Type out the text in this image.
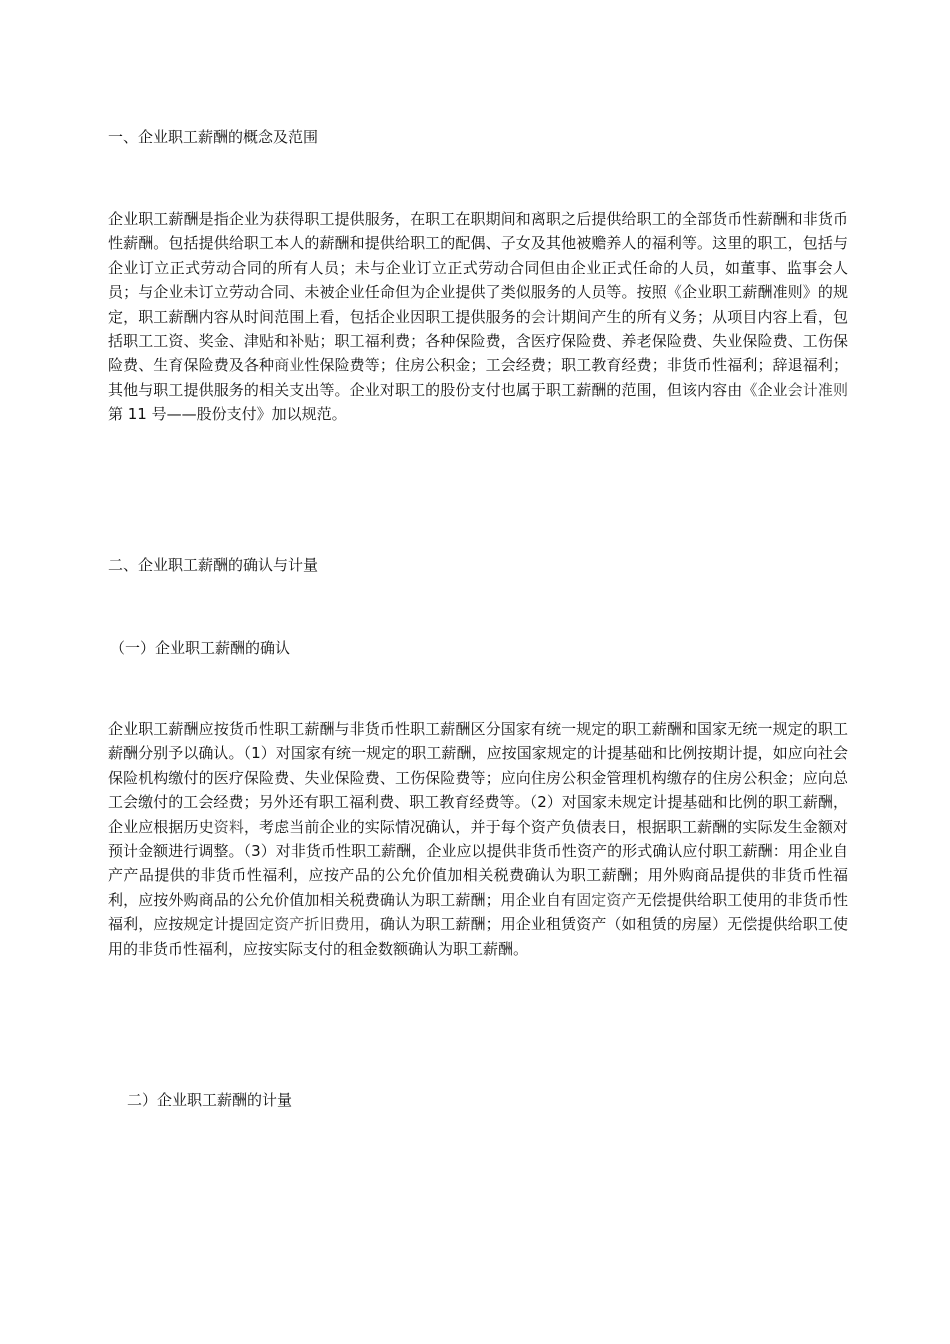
一、企业职工薪酬的概念及范围

企业职工薪酬是指企业为获得职工提供服务，在职工在职期间和离职之后提供给职工的全部货币性薪酬和非货币性薪酬。包括提供给职工本人的薪酬和提供给职工的配偶、子女及其他被赡养人的福利等。这里的职工，包括与企业订立正式劳动合同的所有人员；未与企业订立正式劳动合同但由企业正式任命的人员，如董事、监事会人员；与企业未订立劳动合同、未被企业任命但为企业提供了类似服务的人员等。按照《企业职工薪酬准则》的规定，职工薪酬内容从时间范围上看，包括企业因职工提供服务的会计期间产生的所有义务；从项目内容上看，包括职工工资、奖金、津贴和补贴；职工福利费；各种保险费，含医疗保险费、养老保险费、失业保险费、工伤保险费、生育保险费及各种商业性保险费等；住房公积金；工会经费；职工教育经费；非货币性福利；辞退福利；其他与职工提供服务的相关支出等。企业对职工的股份支付也属于职工薪酬的范围，但该内容由《企业会计准则第 11 号——股份支付》加以规范。

二、企业职工薪酬的确认与计量
（一）企业职工薪酬的确认

企业职工薪酬应按货币性职工薪酬与非货币性职工薪酬区分国家有统一规定的职工薪酬和国家无统一规定的职工薪酬分别予以确认。（1）对国家有统一规定的职工薪酬，应按国家规定的计提基础和比例按期计提，如应向社会保险机构缴付的医疗保险费、失业保险费、工伤保险费等；应向住房公积金管理机构缴存的住房公积金；应向总工会缴付的工会经费；另外还有职工福利费、职工教育经费等。（2）对国家未规定计提基础和比例的职工薪酬，企业应根据历史资料，考虑当前企业的实际情况确认，并于每个资产负债表日，根据职工薪酬的实际发生金额对预计金额进行调整。（3）对非货币性职工薪酬，企业应以提供非货币性资产的形式确认应付职工薪酬：用企业自产产品提供的非货币性福利，应按产品的公允价值加相关税费确认为职工薪酬；用外购商品提供的非货币性福利，应按外购商品的公允价值加相关税费确认为职工薪酬；用企业自有固定资产无偿提供给职工使用的非货币性福利，应按规定计提固定资产折旧费用，确认为职工薪酬；用企业租赁资产（如租赁的房屋）无偿提供给职工使用的非货币性福利，应按实际支付的租金数额确认为职工薪酬。

二）企业职工薪酬的计量
